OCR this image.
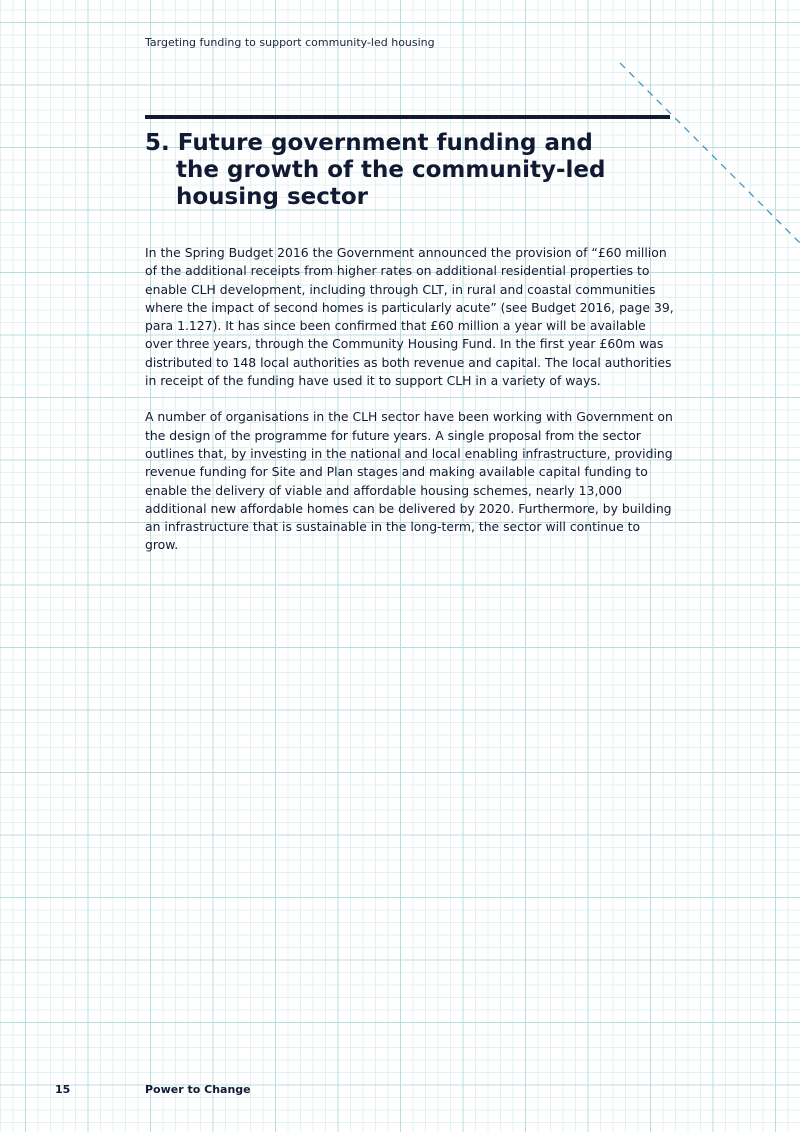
Targeting funding to support community-led housing
5. Future government funding and
the growth of the community-led
housing sector

In the Spring Budget 2016 the Government announced the provision of “£60 million of the additional receipts from higher rates on additional residential properties to enable CLH development, including through CLT, in rural and coastal communities where the impact of second homes is particularly acute” (see Budget 2016, page 39, para 1.127). It has since been confirmed that £60 million a year will be available over three years, through the Community Housing Fund. In the first year £60m was distributed to 148 local authorities as both revenue and capital. The local authorities in receipt of the funding have used it to support CLH in a variety of ways.

A number of organisations in the CLH sector have been working with Government on the design of the programme for future years. A single proposal from the sector outlines that, by investing in the national and local enabling infrastructure, providing revenue funding for Site and Plan stages and making available capital funding to enable the delivery of viable and affordable housing schemes, nearly 13,000 additional new affordable homes can be delivered by 2020. Furthermore, by building an infrastructure that is sustainable in the long-term, the sector will continue to grow.

15	Power to Change
